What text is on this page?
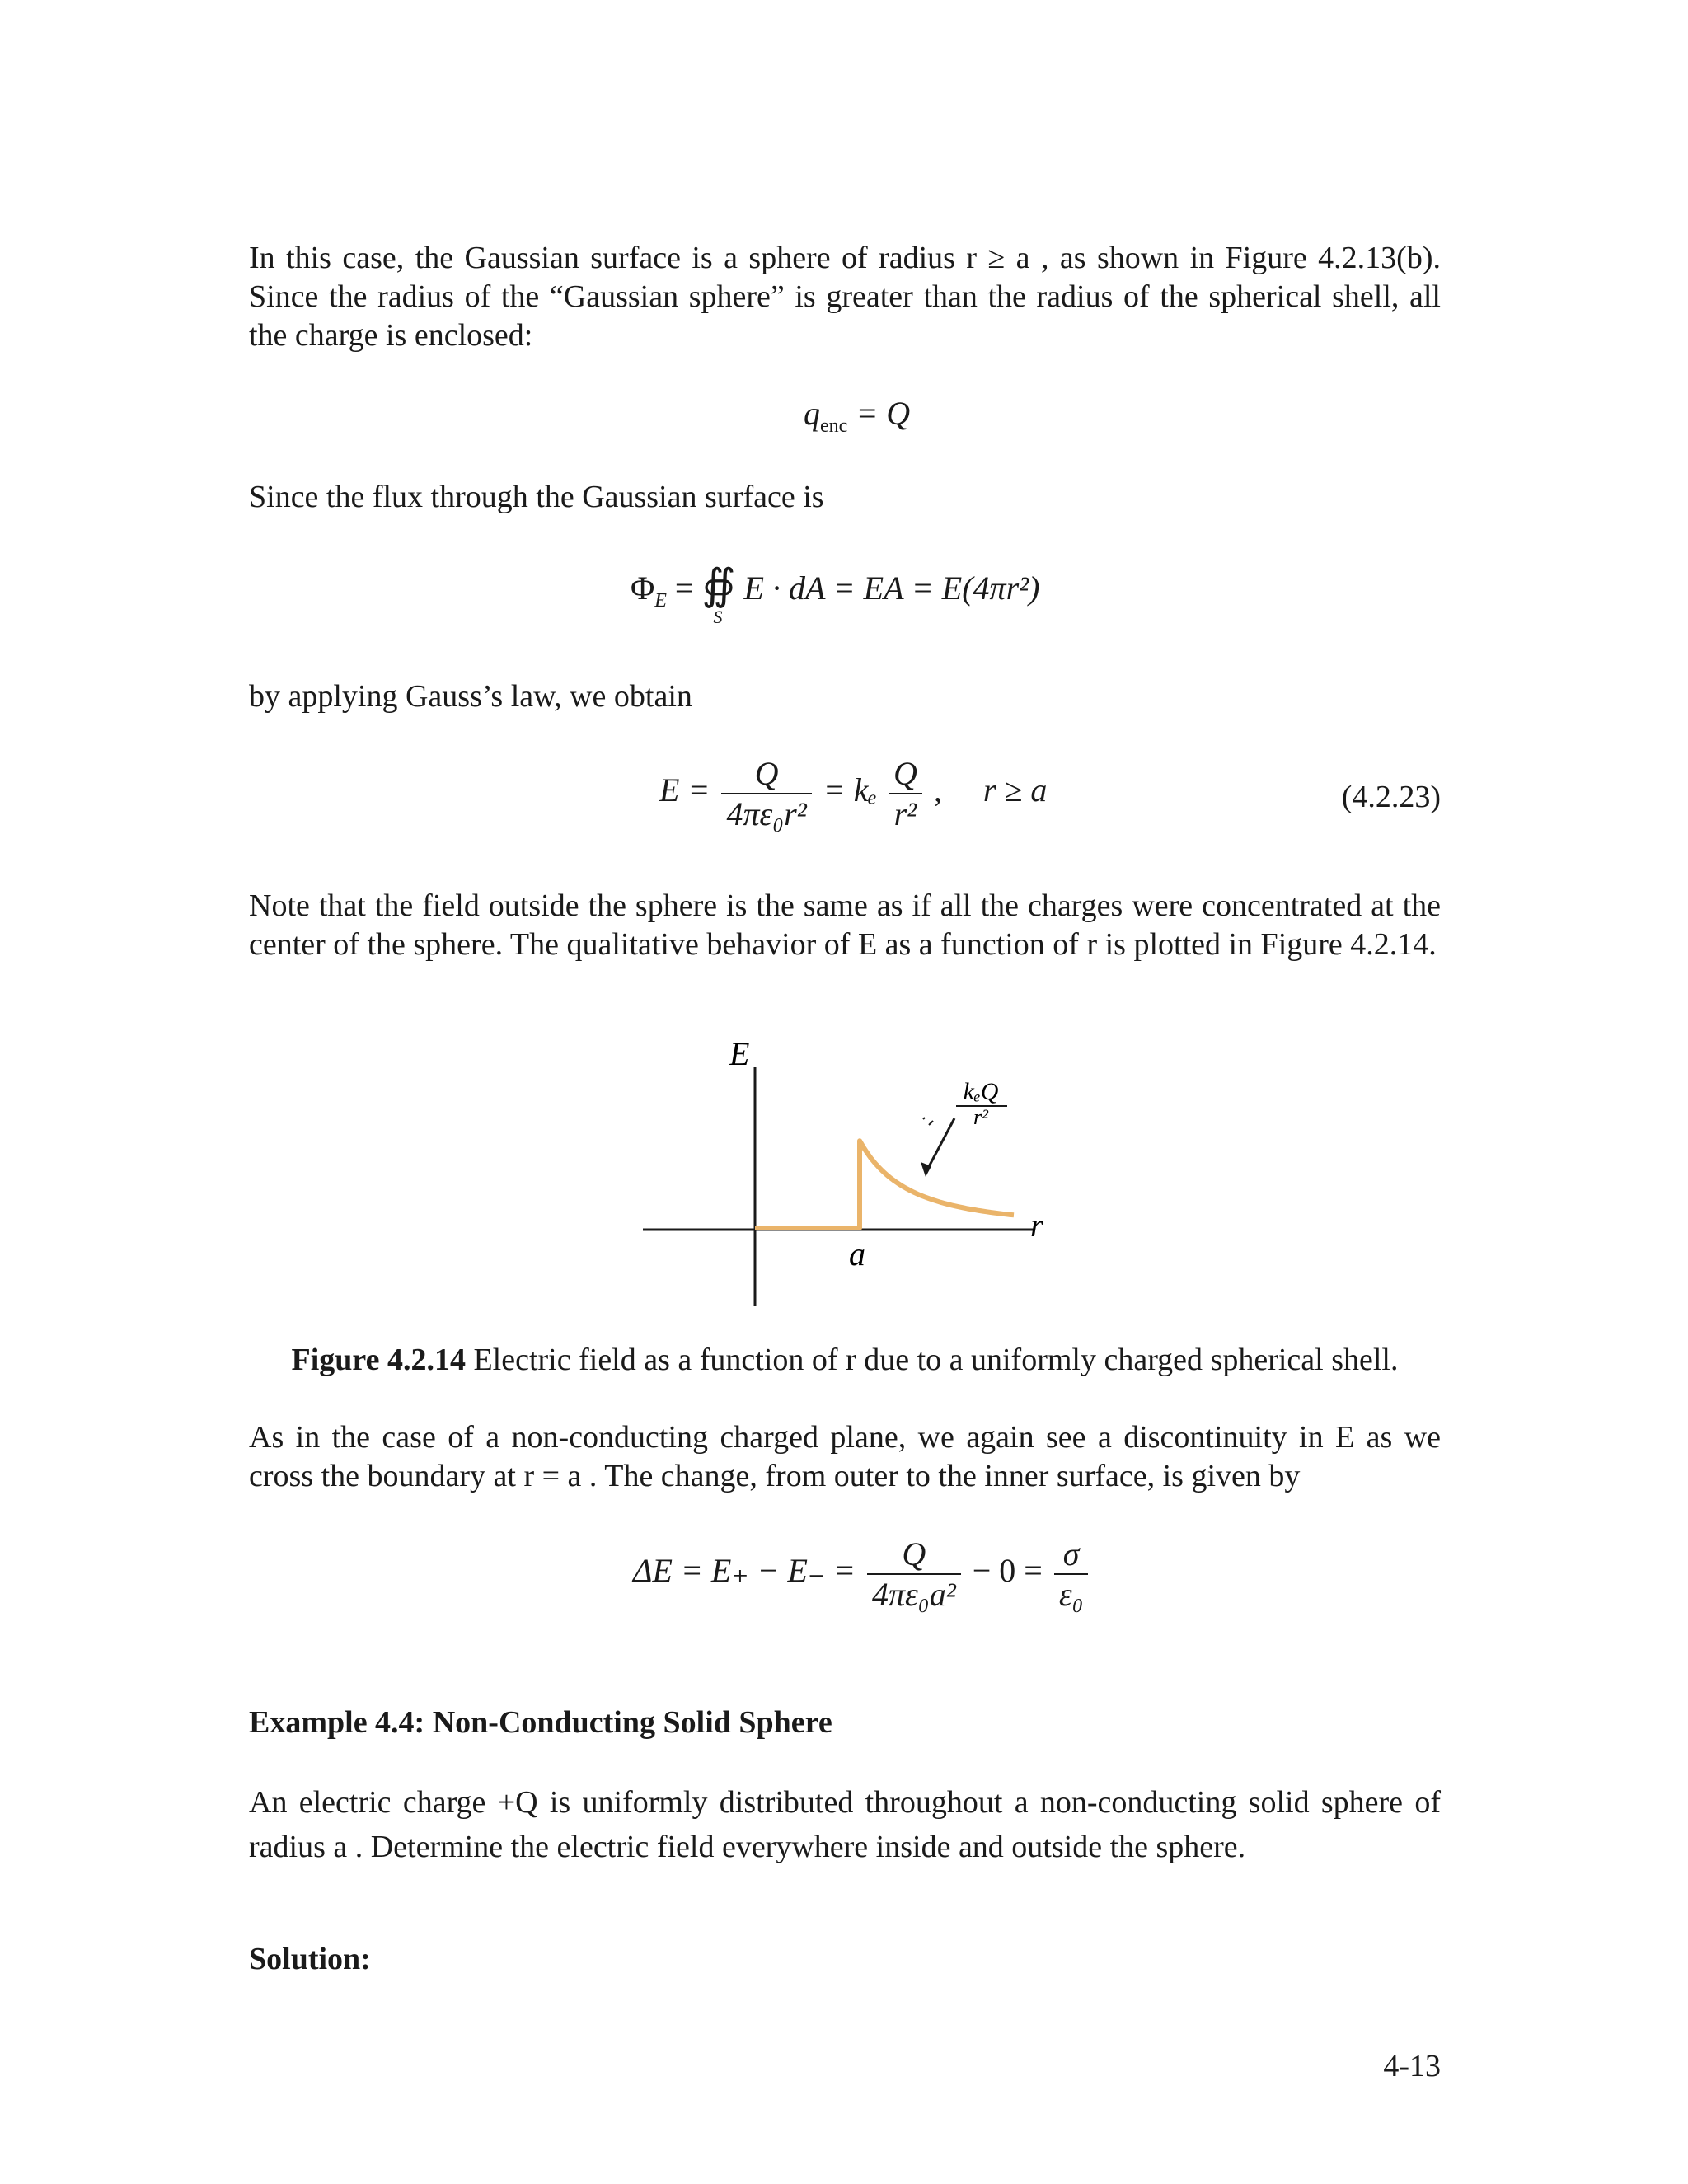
In this case, the Gaussian surface is a sphere of radius r ≥ a , as shown in Figure 4.2.13(b). Since the radius of the “Gaussian sphere” is greater than the radius of the spherical shell, all the charge is enclosed:
$q_{enc} = Q$
Since the flux through the Gaussian surface is
$\Phi_E$ = ∯
S
E · dA = EA = E(4πr²)
by applying Gauss’s law, we obtain
$E = \frac{Q}{\text{4πε₀r²}} = k_e \frac{Q}{\text{r²}}$ ,     r ≥ a	(4.2.23)
Note that the field outside the sphere is the same as if all the charges were concentrated at the center of the sphere. The qualitative behavior of E as a function of r is plotted in Figure 4.2.14.
E
r
a
kₑQ
r²
Figure 4.2.14 Electric field as a function of r due to a uniformly charged spherical shell.
As in the case of a non-conducting charged plane, we again see a discontinuity in E as we cross the boundary at r = a . The change, from outer to the inner surface, is given by
$\Delta E = E_+ - E_- = \frac{Q}{\text{4πε₀a²}} - 0 = \frac{\sigma}{\text{ε₀}}$
Example 4.4: Non-Conducting Solid Sphere
An electric charge +Q is uniformly distributed throughout a non-conducting solid sphere of radius a . Determine the electric field everywhere inside and outside the sphere.
Solution:
4-13
